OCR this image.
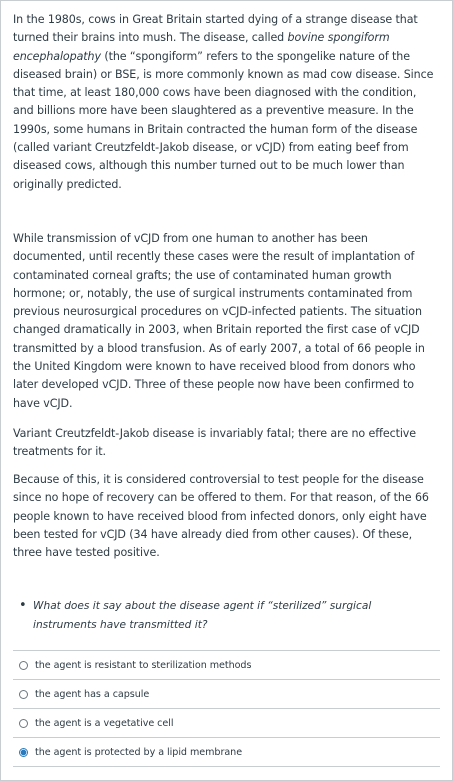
In the 1980s, cows in Great Britain started dying of a strange disease that turned their brains into mush. The disease, called bovine spongiform encephalopathy (the “spongiform” refers to the spongelike nature of the diseased brain) or BSE, is more commonly known as mad cow disease. Since that time, at least 180,000 cows have been diagnosed with the condition, and billions more have been slaughtered as a preventive measure. In the 1990s, some humans in Britain contracted the human form of the disease (called variant Creutzfeldt-Jakob disease, or vCJD) from eating beef from diseased cows, although this number turned out to be much lower than originally predicted.

While transmission of vCJD from one human to another has been documented, until recently these cases were the result of implantation of contaminated corneal grafts; the use of contaminated human growth hormone; or, notably, the use of surgical instruments contaminated from previous neurosurgical procedures on vCJD-infected patients. The situation changed dramatically in 2003, when Britain reported the first case of vCJD transmitted by a blood transfusion. As of early 2007, a total of 66 people in the United Kingdom were known to have received blood from donors who later developed vCJD. Three of these people now have been confirmed to have vCJD.

Variant Creutzfeldt-Jakob disease is invariably fatal; there are no effective treatments for it.

Because of this, it is considered controversial to test people for the disease since no hope of recovery can be offered to them. For that reason, of the 66 people known to have received blood from infected donors, only eight have been tested for vCJD (34 have already died from other causes). Of these, three have tested positive.

• What does it say about the disease agent if “sterilized” surgical instruments have transmitted it?
the agent is resistant to sterilization methods
the agent has a capsule
the agent is a vegetative cell
the agent is protected by a lipid membrane
